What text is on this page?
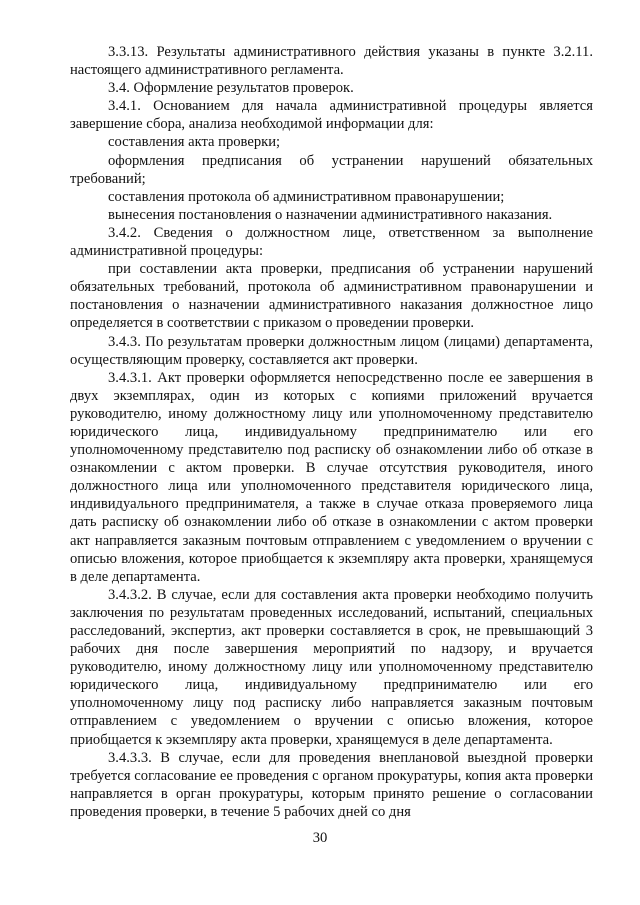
3.3.13. Результаты административного действия указаны в пункте 3.2.11. настоящего административного регламента.

3.4. Оформление результатов проверок.

3.4.1. Основанием для начала административной процедуры является завершение сбора, анализа необходимой информации для:

составления акта проверки;

оформления предписания об устранении нарушений обязательных требований;

составления протокола об административном правонарушении;

вынесения постановления о назначении административного наказания.

3.4.2. Сведения о должностном лице, ответственном за выполнение административной процедуры:

при составлении акта проверки, предписания об устранении нарушений обязательных требований, протокола об административном правонарушении и постановления о назначении административного наказания должностное лицо определяется в соответствии с приказом о проведении проверки.

3.4.3. По результатам проверки должностным лицом (лицами) департамента, осуществляющим проверку, составляется акт проверки.

3.4.3.1. Акт проверки оформляется непосредственно после ее завершения в двух экземплярах, один из которых с копиями приложений вручается руководителю, иному должностному лицу или уполномоченному представителю юридического лица, индивидуальному предпринимателю или его уполномоченному представителю под расписку об ознакомлении либо об отказе в ознакомлении с актом проверки. В случае отсутствия руководителя, иного должностного лица или уполномоченного представителя юридического лица, индивидуального предпринимателя, а также в случае отказа проверяемого лица дать расписку об ознакомлении либо об отказе в ознакомлении с актом проверки акт направляется заказным почтовым отправлением с уведомлением о вручении с описью вложения, которое приобщается к экземпляру акта проверки, хранящемуся в деле департамента.

3.4.3.2. В случае, если для составления акта проверки необходимо получить заключения по результатам проведенных исследований, испытаний, специальных расследований, экспертиз, акт проверки составляется в срок, не превышающий 3 рабочих дня после завершения мероприятий по надзору, и вручается руководителю, иному должностному лицу или уполномоченному представителю юридического лица, индивидуальному предпринимателю или его уполномоченному лицу под расписку либо направляется заказным почтовым отправлением с уведомлением о вручении с описью вложения, которое приобщается к экземпляру акта проверки, хранящемуся в деле департамента.

3.4.3.3. В случае, если для проведения внеплановой выездной проверки требуется согласование ее проведения с органом прокуратуры, копия акта проверки направляется в орган прокуратуры, которым принято решение о согласовании проведения проверки, в течение 5 рабочих дней со дня

30
